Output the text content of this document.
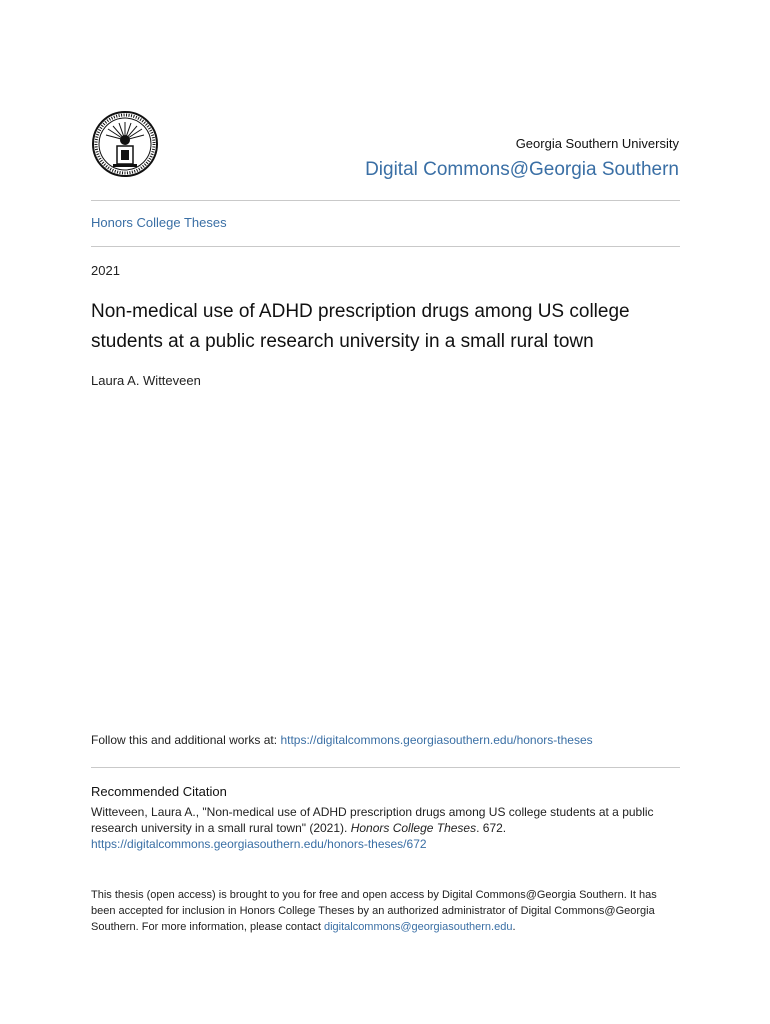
Georgia Southern University
Digital Commons@Georgia Southern
Honors College Theses
2021
Non-medical use of ADHD prescription drugs among US college students at a public research university in a small rural town
Laura A. Witteveen
Follow this and additional works at: https://digitalcommons.georgiasouthern.edu/honors-theses
Recommended Citation
Witteveen, Laura A., "Non-medical use of ADHD prescription drugs among US college students at a public research university in a small rural town" (2021). Honors College Theses. 672.
https://digitalcommons.georgiasouthern.edu/honors-theses/672
This thesis (open access) is brought to you for free and open access by Digital Commons@Georgia Southern. It has been accepted for inclusion in Honors College Theses by an authorized administrator of Digital Commons@Georgia Southern. For more information, please contact digitalcommons@georgiasouthern.edu.
